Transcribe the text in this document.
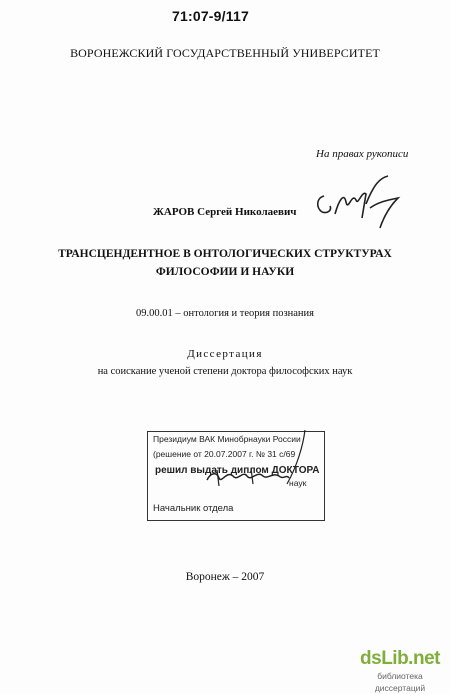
71:07-9/117
ВОРОНЕЖСКИЙ ГОСУДАРСТВЕННЫЙ УНИВЕРСИТЕТ
На правах рукописи
ЖАРОВ Сергей Николаевич
ТРАНСЦЕНДЕНТНОЕ В ОНТОЛОГИЧЕСКИХ СТРУКТУРАХ
ФИЛОСОФИИ И НАУКИ
09.00.01 – онтология и теория познания
Диссертация
на соискание ученой степени доктора философских наук
Президиум ВАК Минобрнауки России
(решение от 20.07.2007 г. № 31 с/69
решил выдать диплом ДОКТОРА
наук
Начальник отдела
Воронеж – 2007
dsLib.net
библиотека диссертаций
